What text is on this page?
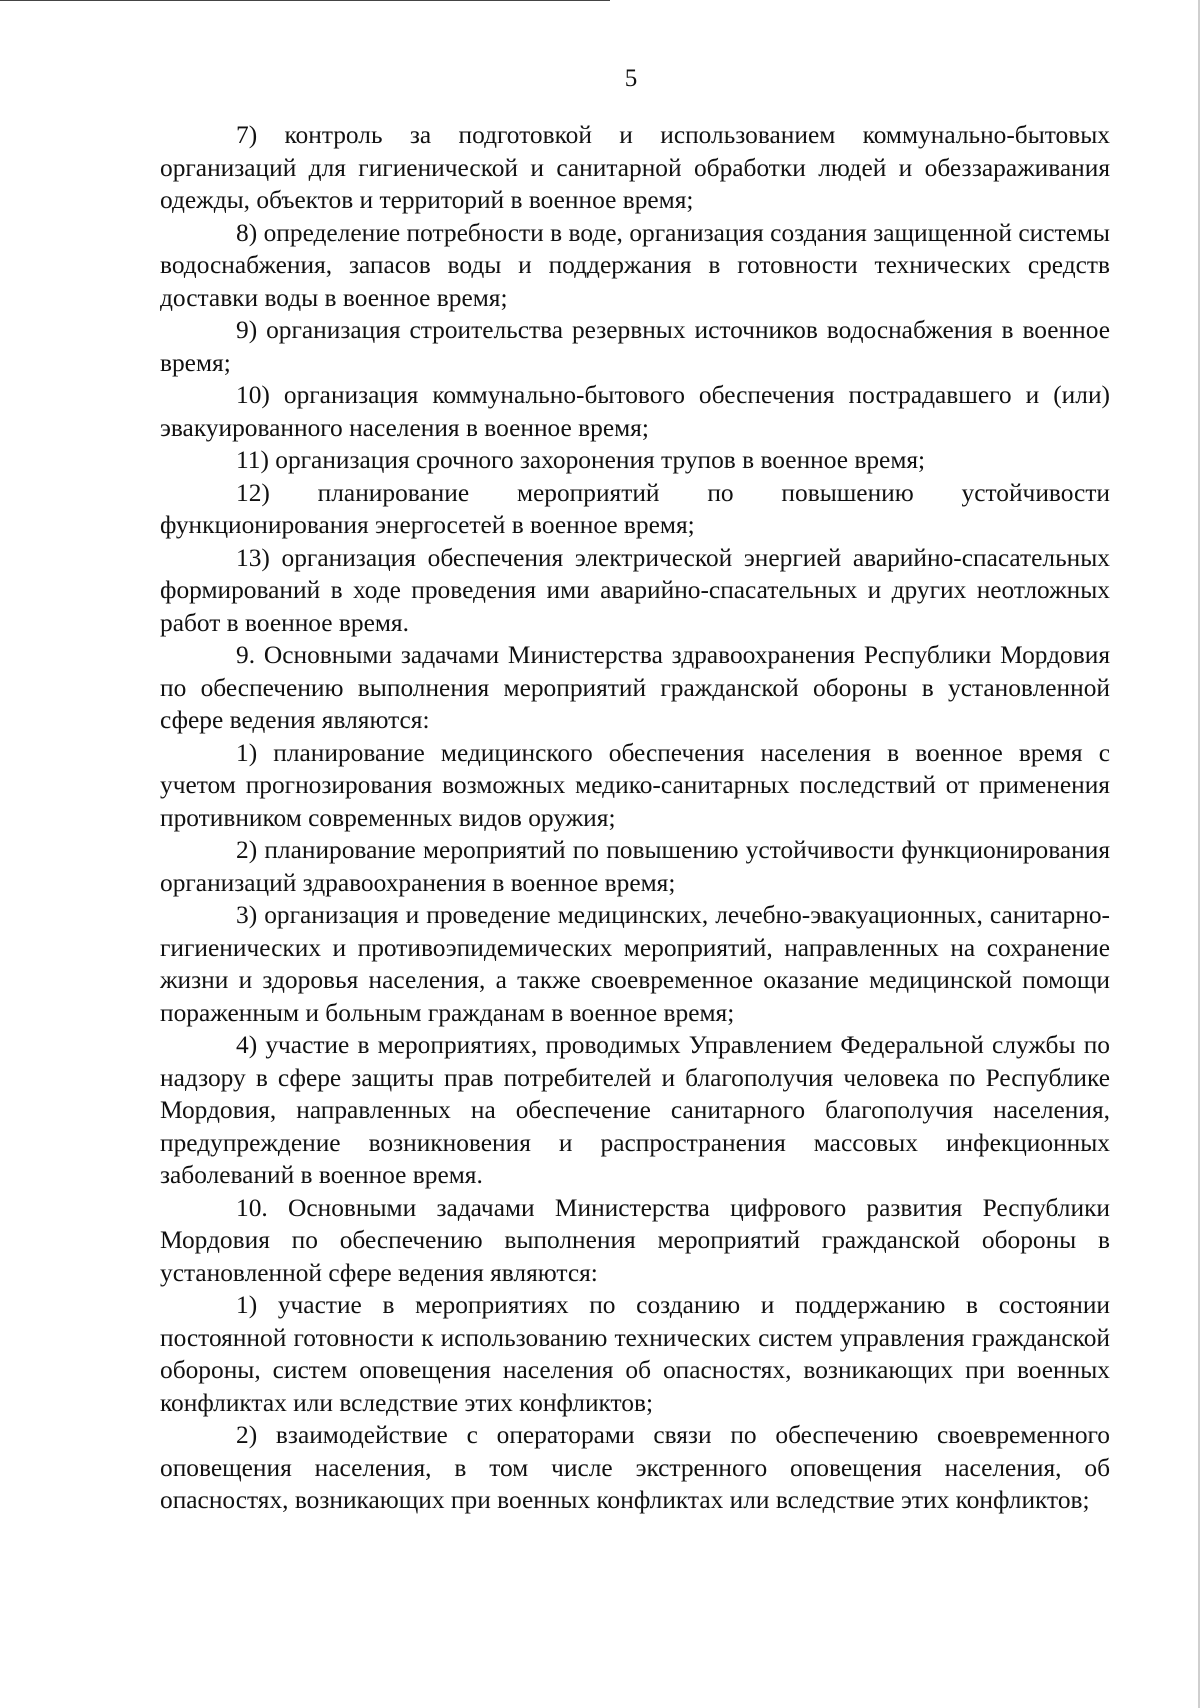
5

7) контроль за подготовкой и использованием коммунально-бытовых организаций для гигиенической и санитарной обработки людей и обеззараживания одежды, объектов и территорий в военное время;

8) определение потребности в воде, организация создания защищенной системы водоснабжения, запасов воды и поддержания в готовности технических средств доставки воды в военное время;

9) организация строительства резервных источников водоснабжения в военное время;

10) организация коммунально-бытового обеспечения пострадавшего и (или) эвакуированного населения в военное время;

11) организация срочного захоронения трупов в военное время;

12) планирование мероприятий по повышению устойчивости функционирования энергосетей в военное время;

13) организация обеспечения электрической энергией аварийно-спасательных формирований в ходе проведения ими аварийно-спасательных и других неотложных работ в военное время.

9. Основными задачами Министерства здравоохранения Республики Мордовия по обеспечению выполнения мероприятий гражданской обороны в установленной сфере ведения являются:

1) планирование медицинского обеспечения населения в военное время с учетом прогнозирования возможных медико-санитарных последствий от применения противником современных видов оружия;

2) планирование мероприятий по повышению устойчивости функционирования организаций здравоохранения в военное время;

3) организация и проведение медицинских, лечебно-эвакуационных, санитарно-гигиенических и противоэпидемических мероприятий, направленных на сохранение жизни и здоровья населения, а также своевременное оказание медицинской помощи пораженным и больным гражданам в военное время;

4) участие в мероприятиях, проводимых Управлением Федеральной службы по надзору в сфере защиты прав потребителей и благополучия человека по Республике Мордовия, направленных на обеспечение санитарного благополучия населения, предупреждение возникновения и распространения массовых инфекционных заболеваний в военное время.

10. Основными задачами Министерства цифрового развития Республики Мордовия по обеспечению выполнения мероприятий гражданской обороны в установленной сфере ведения являются:

1) участие в мероприятиях по созданию и поддержанию в состоянии постоянной готовности к использованию технических систем управления гражданской обороны, систем оповещения населения об опасностях, возникающих при военных конфликтах или вследствие этих конфликтов;

2) взаимодействие с операторами связи по обеспечению своевременного оповещения населения, в том числе экстренного оповещения населения, об опасностях, возникающих при военных конфликтах или вследствие этих конфликтов;
